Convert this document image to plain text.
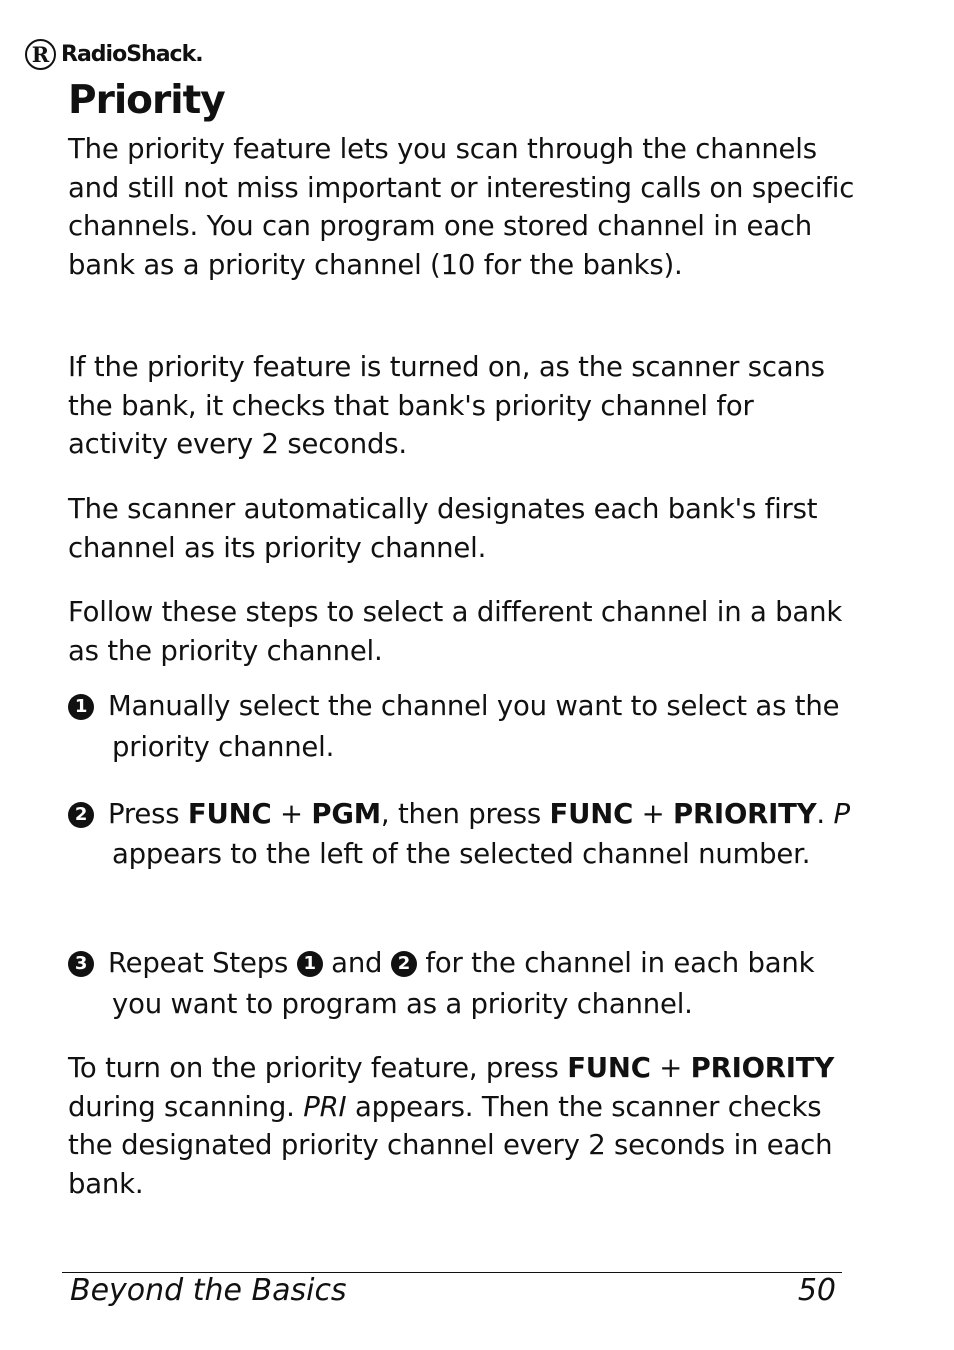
R RadioShack.
Priority

The priority feature lets you scan through the channels and still not miss important or interesting calls on specific channels. You can program one stored channel in each bank as a priority channel (10 for the banks).

If the priority feature is turned on, as the scanner scans the bank, it checks that bank's priority channel for activity every 2 seconds.

The scanner automatically designates each bank's first channel as its priority channel.

Follow these steps to select a different channel in a bank as the priority channel.

1 Manually select the channel you want to select as the priority channel.

2 Press FUNC + PGM, then press FUNC + PRIORITY. P appears to the left of the selected channel number.

3 Repeat Steps 1 and 2 for the channel in each bank you want to program as a priority channel.

To turn on the priority feature, press FUNC + PRIORITY during scanning. PRI appears. Then the scanner checks the designated priority channel every 2 seconds in each bank.

Beyond the Basics	50
